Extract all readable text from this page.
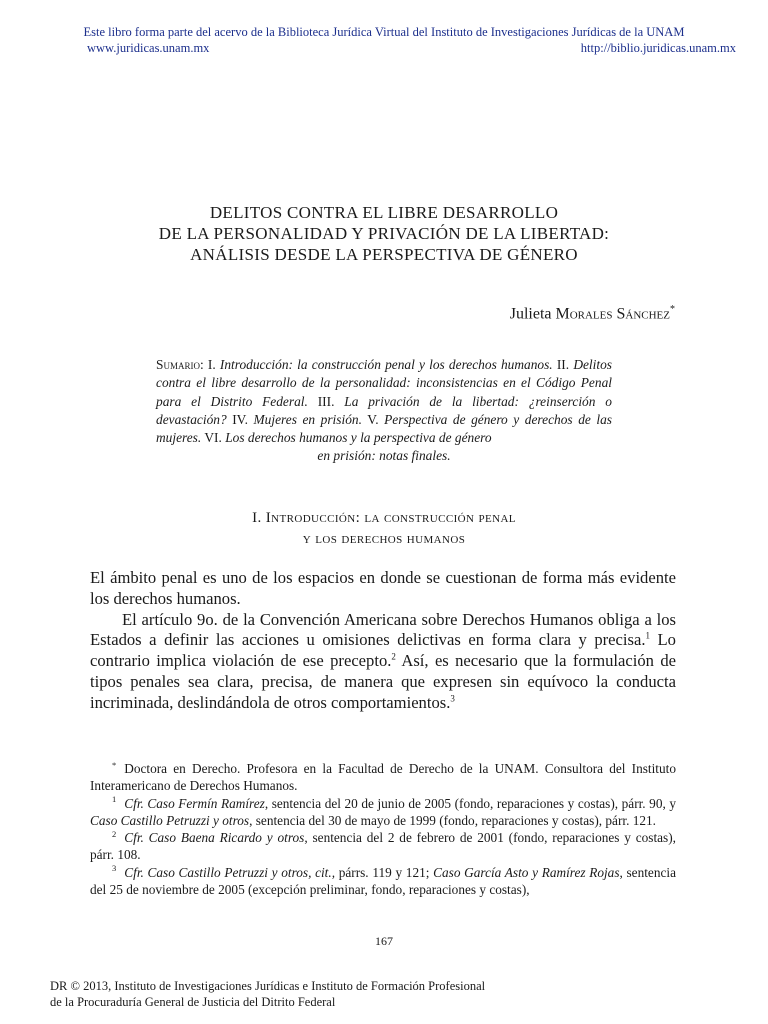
Este libro forma parte del acervo de la Biblioteca Jurídica Virtual del Instituto de Investigaciones Jurídicas de la UNAM
www.juridicas.unam.mx	http://biblio.juridicas.unam.mx
DELITOS CONTRA EL LIBRE DESARROLLO
DE LA PERSONALIDAD Y PRIVACIÓN DE LA LIBERTAD:
ANÁLISIS DESDE LA PERSPECTIVA DE GÉNERO
Julieta Morales Sánchez*
Sumario: I. Introducción: la construcción penal y los derechos humanos. II. Delitos contra el libre desarrollo de la personalidad: inconsistencias en el Código Penal para el Distrito Federal. III. La privación de la libertad: ¿reinserción o devastación? IV. Mujeres en prisión. V. Perspectiva de género y derechos de las mujeres. VI. Los derechos humanos y la perspectiva de género
en prisión: notas finales.
I. Introducción: la construcción penal
y los derechos humanos

El ámbito penal es uno de los espacios en donde se cuestionan de forma más evidente los derechos humanos.

El artículo 9o. de la Convención Americana sobre Derechos Humanos obliga a los Estados a definir las acciones u omisiones delictivas en forma clara y precisa.$^1$ Lo contrario implica violación de ese precepto.$^2$ Así, es necesario que la formulación de tipos penales sea clara, precisa, de manera que expresen sin equívoco la conducta incriminada, deslindándola de otros comportamientos.$^3$

* Doctora en Derecho. Profesora en la Facultad de Derecho de la UNAM. Consultora del Instituto Interamericano de Derechos Humanos.

$^1$ Cfr. Caso Fermín Ramírez, sentencia del 20 de junio de 2005 (fondo, reparaciones y costas), párr. 90, y Caso Castillo Petruzzi y otros, sentencia del 30 de mayo de 1999 (fondo, reparaciones y costas), párr. 121.

$^2$ Cfr. Caso Baena Ricardo y otros, sentencia del 2 de febrero de 2001 (fondo, reparaciones y costas), párr. 108.

$^3$ Cfr. Caso Castillo Petruzzi y otros, cit., párrs. 119 y 121; Caso García Asto y Ramírez Rojas, sentencia del 25 de noviembre de 2005 (excepción preliminar, fondo, reparaciones y costas),

167
DR © 2013, Instituto de Investigaciones Jurídicas e Instituto de Formación Profesional
de la Procuraduría General de Justicia del Ditrito Federal
